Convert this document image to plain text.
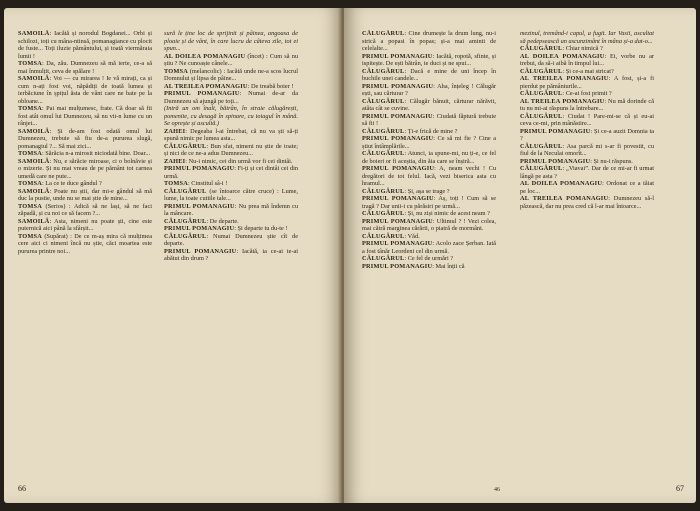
SAMOILĂ: Iacătă și norodul Bogdanei... Orbi și schilozi, toți cu mâna-ntinsă, pomanagiance cu plocit de fuste... Toți iluzie pământului, și toată viermăraia lumii !

TOMSA: Da, zău. Dumnezeu să mă ierte, ce-a să mai înmulțit, ceva de spălare !

SAMOILĂ: Voi — cu mirarea ! Ie vă mirați, ca și cum n-ați fost voi, năpădiți de toată lumea și ierbăciune în șpițul ăsta de vânt care ne bate pe la obloane...

TOMSA: Pai mai mulțumesc, frate. Că doar să fii fost atât omul lui Dumnezeu, să nu vii-n lume cu un rânjet...

SAMOILĂ: Și de-am fost odată omul lui Dumnezeu, trebuie să fiu de-a pururea slugă, pomanagiul ?... Să mai zici...

TOMSA: Sărăcia n-a mirosit niciodată bine. Doar...

SAMOILĂ: Nu, e sărăcie miroase, ci o bolnăvie și o mizerie. Și nu mai vreau de pe pământ tot carnea umedă care ne pute...

TOMSA: La ce te duce gândul ?

SAMOILĂ: Poate nu știi, dar mi-e gândul să mă duc la pustie, unde nu se mai știe de mine...

TOMSA (Serios) : Adică să ne lași, să ne faci zăpadă, și cu noi ce să facem ?...

SAMOILĂ: Asta, nimeni nu poate ști, cine este puternică aici până la sfârșit...

TOMSA (Supărat) : De ce m-aș mira că mulțimea cere aici ci nimeni încă nu știe, căci moartea este pururea printre noi...

sură le ține loc de sprijinit și pâinea, angoasa de ploaie și de vânt, în care lucru de câteva zile, tot ei spun...

AL DOILEA POMANAGIU (încet) : Cum să nu știu ? Ne cunoaște cânele...

TOMSA (melancolic) : Iacătă unde ne-a scos lucrul Domnului și lipsa de pâine...

AL TREILEA POMANAGIU: De treabă boier !

PRIMUL POMANAGIU: Numai de-ar da Dumnezeu să ajungă pe toți...

(Intră un om înalt, bătrân, în straie călugărești, pomenite, cu desagă în spinare, cu toiagul în mână. Se oprește și ascultă.)

ZAHEI: Degeaba l-ai întrebat, că nu va ști să-ți spună nimic pe lumea asta...

CĂLUGĂRUL: Bun sfat, nimeni nu știe de toate; și nici de ce ne-a adus Dumnezeu...

ZAHEI: Nu-i nimic, cei din urmă vor fi cei dintâi.

PRIMUL POMANAGIU: Fi-ți și cei dintâi cei din urmă.

TOMSA: Cinstitul sâ-i !

CĂLUGĂRUL (se întoarce către cruce) : Lume, lume, la toate cutiile tale...

PRIMUL POMANAGIU: Nu prea mă îndemn cu la mâncare.

CĂLUGĂRUL: De departe.

PRIMUL POMANAGIU: Și departe tu du-te !

CĂLUGĂRUL: Numai Dumnezeu știe cît de departe.

PRIMUL POMANAGIU: Iacătă, ia ce-ai te-ai abătut din drum ?

66

CĂLUGĂRUL: Cine drumește la drum lung, nu-i strică a popasi în popas; și-a mai aminti de celelalte...

PRIMUL POMANAGIU: Iacătă, ropotă, sfinte, și ispitește. De ești bătrân, te duci și ne spui...

CĂLUGĂRUL: Dacă e mine de uni încep în buchile unei candele...

PRIMUL POMANAGIU: Aha, înțeleg ! Călugăr ești, sau cărturar ?

CĂLUGĂRUL: Călugăr bănuit, cărturar nărăvit, atâta cât se cuvine.

PRIMUL POMANAGIU: Ciudată făptură trebuie să fii !

CĂLUGĂRUL: Ți-e frică de mine ?

PRIMUL POMANAGIU: Ce să mi fie ? Cine a știut întâmplările...

CĂLUGĂRUL: Atunci, ia spune-mi, nu ți-e, ce fel de boieri or fi aceștia, din ăia care se înșiră...

PRIMUL POMANAGIU: A, neam vechi ! Cu dregători de tot felul. Iacă, vezi biserica asta cu hramul...

CĂLUGĂRUL: Și, așa se trage ?

PRIMUL POMANAGIU: Aș, toți ! Cum să se tragă ? Dar unii-i cu părăsiri pe urmă...

CĂLUGĂRUL: Și, nu ziși nimic de acest neam ?

PRIMUL POMANAGIU: Ultimul ? ! Vezi colea, mai cătră marginea cărării, o piatră de mormânt.

CĂLUGĂRUL: Văd.

PRIMUL POMANAGIU: Acolo zace Șerban. Iată a fost tânăr Leordeni cel din urmă.

CĂLUGĂRUL: Ce fel de urmări ?

PRIMUL POMANAGIU: Mai înții că

mezinul, tremând-i capul, a fugit. Iar Vasii, ascultat să pedepsească un ascunzimânt în mâna și-a dat-o...

CĂLUGĂRUL: Chiar nimică ?

AL DOILEA POMANAGIU: Ei, vorbe nu ar trebui, da să-i aibă în timpul lui...

CĂLUGĂRUL: Și ce-a mai stricat?

AL TREILEA POMANAGIU: A fost, și-a fi pierdut pe pământurile...

CĂLUGĂRUL: Ce-ai fost primit ?

AL TREILEA POMANAGIU: Nu mă dorinde că tu nu mi-ai răspuns la întrebare...

CĂLUGĂRUL: Ciudat ! Pare-mi-se că și eu-ai ceva ce-mi, prin mânăstire...

PRIMUL POMANAGIU: Și ce-a auzit Domnia ta ?

CĂLUGĂRUL: Asa parcă mi s-ar fi povestit, cu fiul de la Neculai omorît...

PRIMUL POMANAGIU: Și nu-i răspuns.

CĂLUGĂRUL: „Viavai”. Dar de ce mi-ar fi urmat lângă pe asta ?

AL DOILEA POMANAGIU: Ordonat ce a tăiat pe loc...

AL TREILEA POMANAGIU: Dumnezeu să-l păzească, dar nu prea cred că l-ar mai întoarce...

46	67
